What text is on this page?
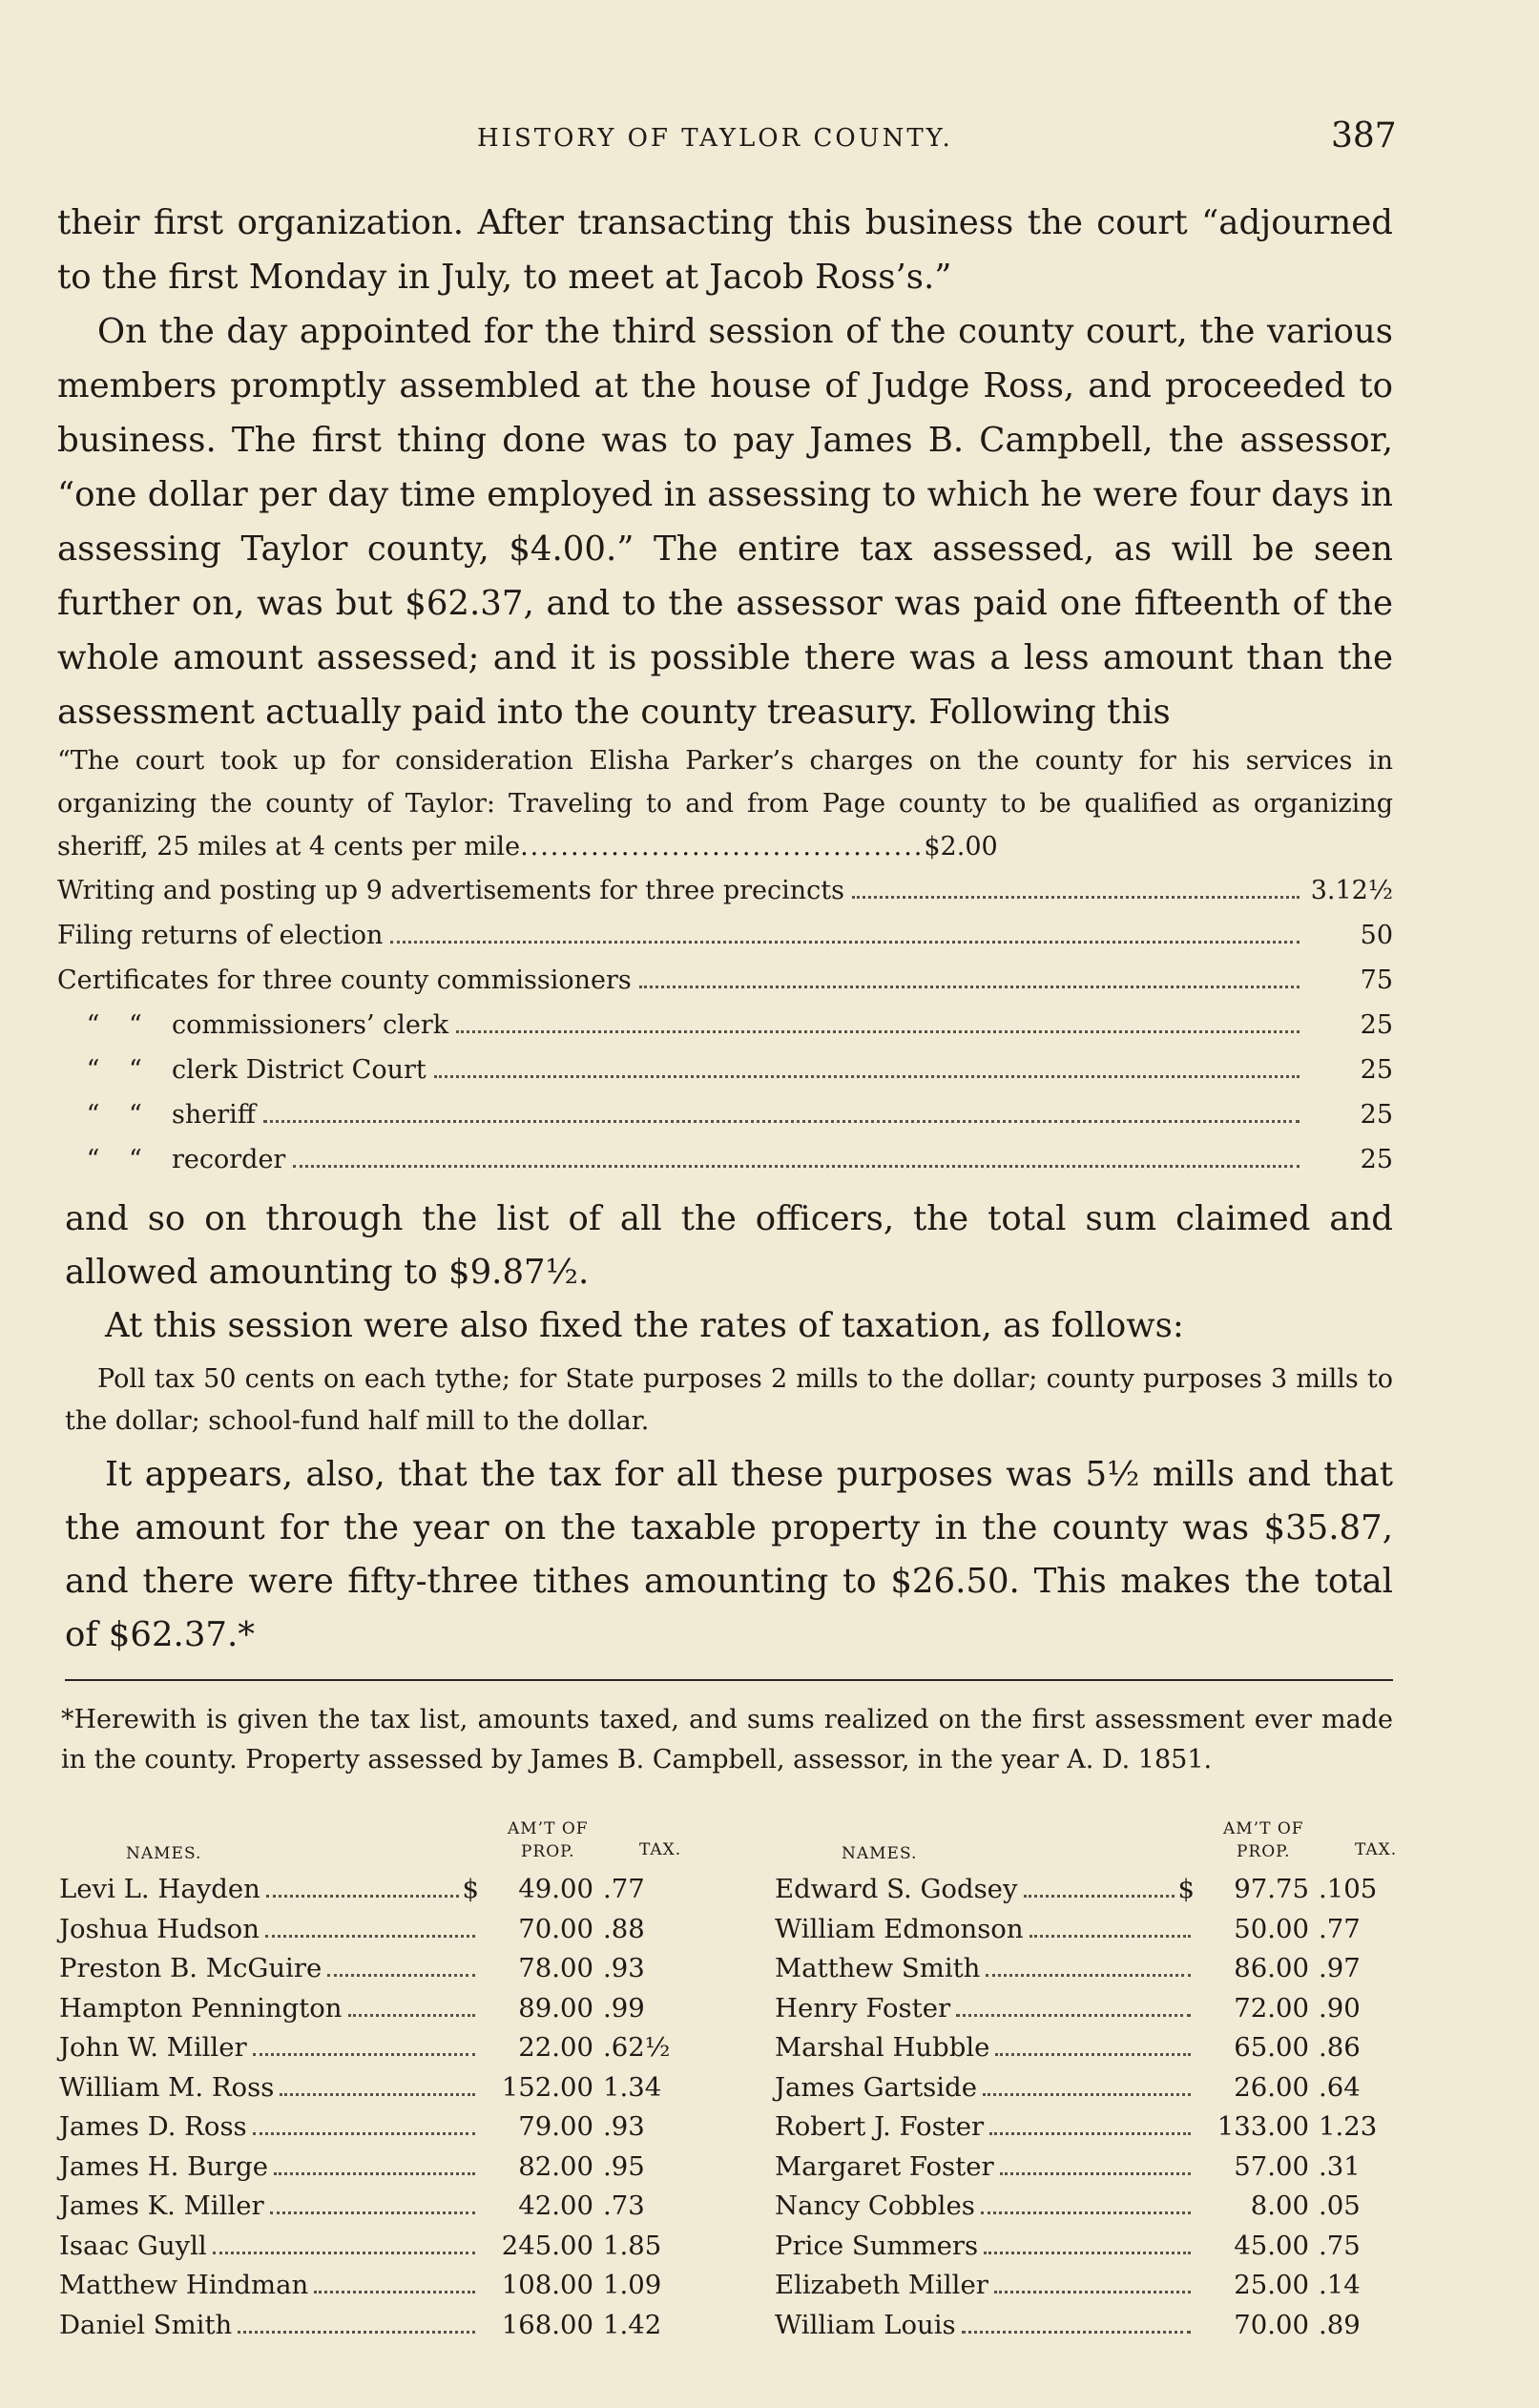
HISTORY OF TAYLOR COUNTY.	387

their first organization. After transacting this business the court “adjourned to the first Monday in July, to meet at Jacob Ross’s.”

On the day appointed for the third session of the county court, the various members promptly assembled at the house of Judge Ross, and proceeded to business. The first thing done was to pay James B. Campbell, the assessor, “one dollar per day time employed in assessing to which he were four days in assessing Taylor county, $4.00.” The entire tax assessed, as will be seen further on, was but $62.37, and to the assessor was paid one fifteenth of the whole amount assessed; and it is possible there was a less amount than the assessment actually paid into the county treasury. Following this

“The court took up for consideration Elisha Parker’s charges on the county for his services in organizing the county of Taylor: Traveling to and from Page county to be qualified as organizing sheriff, 25 miles at 4 cents per mile........................................$2.00
Writing and posting up 9 advertisements for three precincts	3.12½
Filing returns of election	50
Certificates for three county commissioners	75
“ “ commissioners’ clerk	25
“ “ clerk District Court	25
“ “ sheriff	25
“ “ recorder	25

and so on through the list of all the officers, the total sum claimed and allowed amounting to $9.87½.

At this session were also fixed the rates of taxation, as follows:

Poll tax 50 cents on each tythe; for State purposes 2 mills to the dollar; county purposes 3 mills to the dollar; school-fund half mill to the dollar.

It appears, also, that the tax for all these purposes was 5½ mills and that the amount for the year on the taxable property in the county was $35.87, and there were fifty-three tithes amounting to $26.50. This makes the total of $62.37.*

*Herewith is given the tax list, amounts taxed, and sums realized on the first assessment ever made in the county. Property assessed by James B. Campbell, assessor, in the year A. D. 1851.
NAMES.
AM’T OF
PROP.	TAX.
Levi L. Hayden	$	49.00 .77
Joshua Hudson	70.00 .88
Preston B. McGuire	78.00 .93
Hampton Pennington	89.00 .99
John W. Miller	22.00 .62½
William M. Ross	152.00 1.34
James D. Ross	79.00 .93
James H. Burge	82.00 .95
James K. Miller	42.00 .73
Isaac Guyll	245.00 1.85
Matthew Hindman	108.00 1.09
Daniel Smith	168.00 1.42
NAMES.
AM’T OF
PROP.	TAX.
Edward S. Godsey	$	97.75 .105
William Edmonson	50.00 .77
Matthew Smith	86.00 .97
Henry Foster	72.00 .90
Marshal Hubble	65.00 .86
James Gartside	26.00 .64
Robert J. Foster	133.00 1.23
Margaret Foster	57.00 .31
Nancy Cobbles	8.00 .05
Price Summers	45.00 .75
Elizabeth Miller	25.00 .14
William Louis	70.00 .89
